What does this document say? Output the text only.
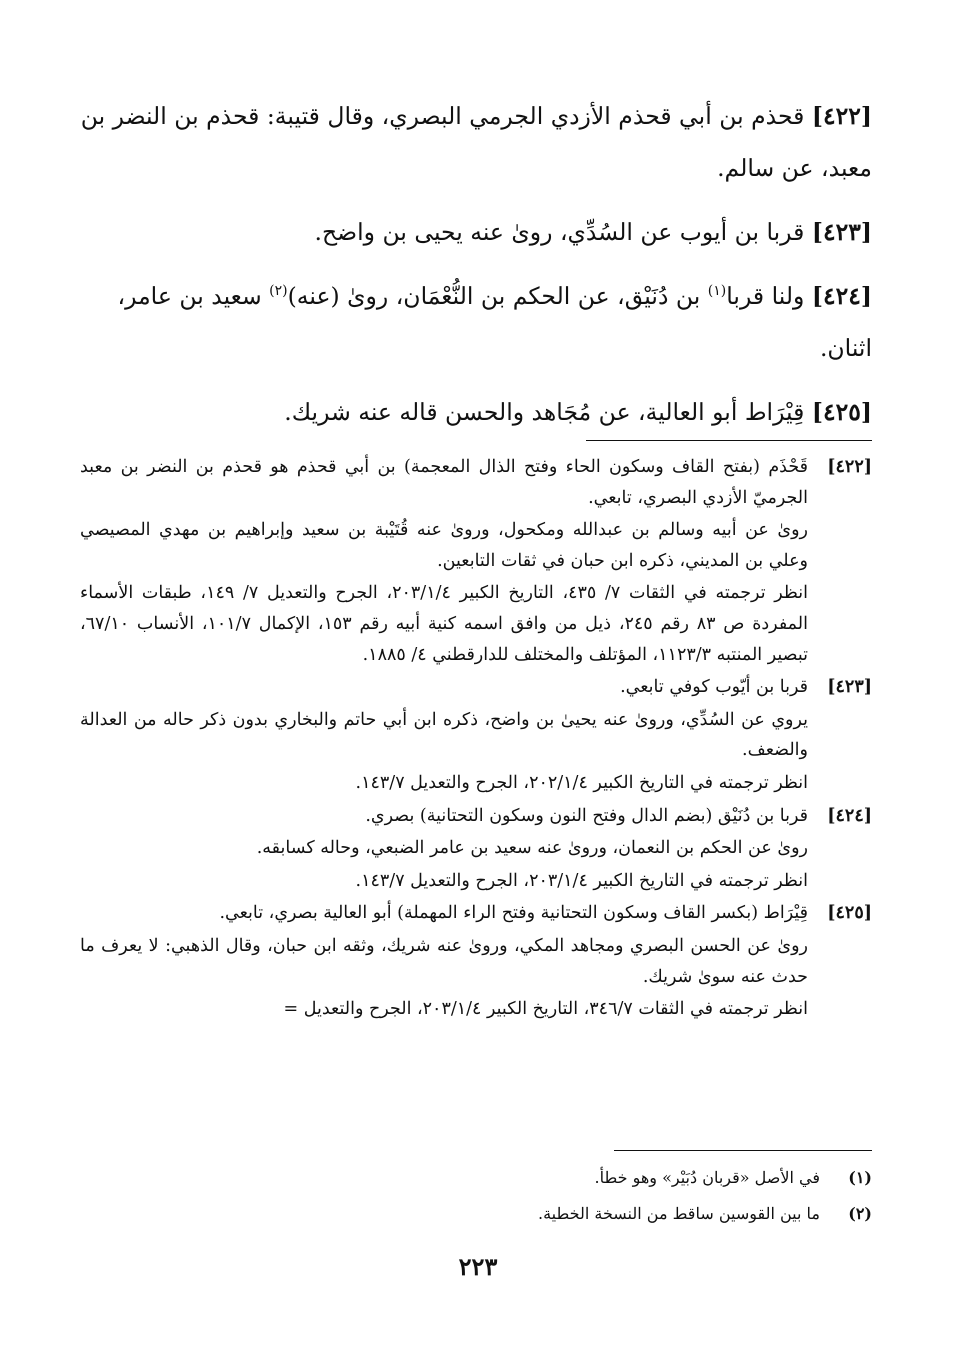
[٤٢٢] قحذم بن أبي قحذم الأزدي الجرمي البصري، وقال قتيبة: قحذم بن النضر بن معبد، عن سالم.

[٤٢٣] قربا بن أيوب عن السُدِّي، روىٰ عنه يحيى بن واضح.

[٤٢٤] ولنا قربا$^{(١)}$ بن دُنَيْق، عن الحكم بن النُّعْمَان، روىٰ (عنه)$^{(٢)}$ سعيد بن عامر، اثنان.

[٤٢٥] قِيْرَاط أبو العالية، عن مُجَاهد والحسن قاله عنه شريك.

[٤٢٢]

قَحْذَم (بفتح القاف وسكون الحاء وفتح الذال المعجمة) بن أبي قحذم هو قحذم بن النضر بن معبد الجرميّ الأزدي البصري، تابعي.

روىٰ عن أبيه وسالم بن عبدالله ومكحول، وروىٰ عنه قُتَيْبة بن سعيد وإبراهيم بن مهدي المصيصي وعلي بن المديني، ذكره ابن حبان في ثقات التابعين.

انظر ترجمته في الثقات ٧/ ٤٣٥، التاريخ الكبير ٢٠٣/١/٤، الجرح والتعديل ٧/ ١٤٩، طبقات الأسماء المفردة ص ٨٣ رقم ٢٤٥، ذيل من وافق اسمه كنية أبيه رقم ١٥٣، الإكمال ١٠١/٧، الأنساب ٦٧/١٠، تبصير المنتبه ١١٢٣/٣، المؤتلف والمختلف للدارقطني ٤/ ١٨٨٥.

[٤٢٣]

قربا بن أيّوب كوفي تابعي.

يروي عن السُدِّي، وروىٰ عنه يحيىٰ بن واضح، ذكره ابن أبي حاتم والبخاري بدون ذكر حاله من العدالة والضعف.

انظر ترجمته في التاريخ الكبير ٢٠٢/١/٤، الجرح والتعديل ١٤٣/٧.

[٤٢٤]

قربا بن دُنَيْق (بضم الدال وفتح النون وسكون التحتانية) بصري.

روىٰ عن الحكم بن النعمان، وروىٰ عنه سعيد بن عامر الضبعي، وحاله كسابقه.

انظر ترجمته في التاريخ الكبير ٢٠٣/١/٤، الجرح والتعديل ١٤٣/٧.

[٤٢٥]

قِيْرَاط (بكسر القاف وسكون التحتانية وفتح الراء المهملة) أبو العالية بصري، تابعي.

روىٰ عن الحسن البصري ومجاهد المكي، وروىٰ عنه شريك، وثقه ابن حبان، وقال الذهبي: لا يعرف ما حدث عنه سوىٰ شريك.

انظر ترجمته في الثقات ٣٤٦/٧، التاريخ الكبير ٢٠٣/١/٤، الجرح والتعديل =

(١)في الأصل «قربان دُبَيْر» وهو خطأ.

(٢)ما بين القوسين ساقط من النسخة الخطية.

٢٢٣
